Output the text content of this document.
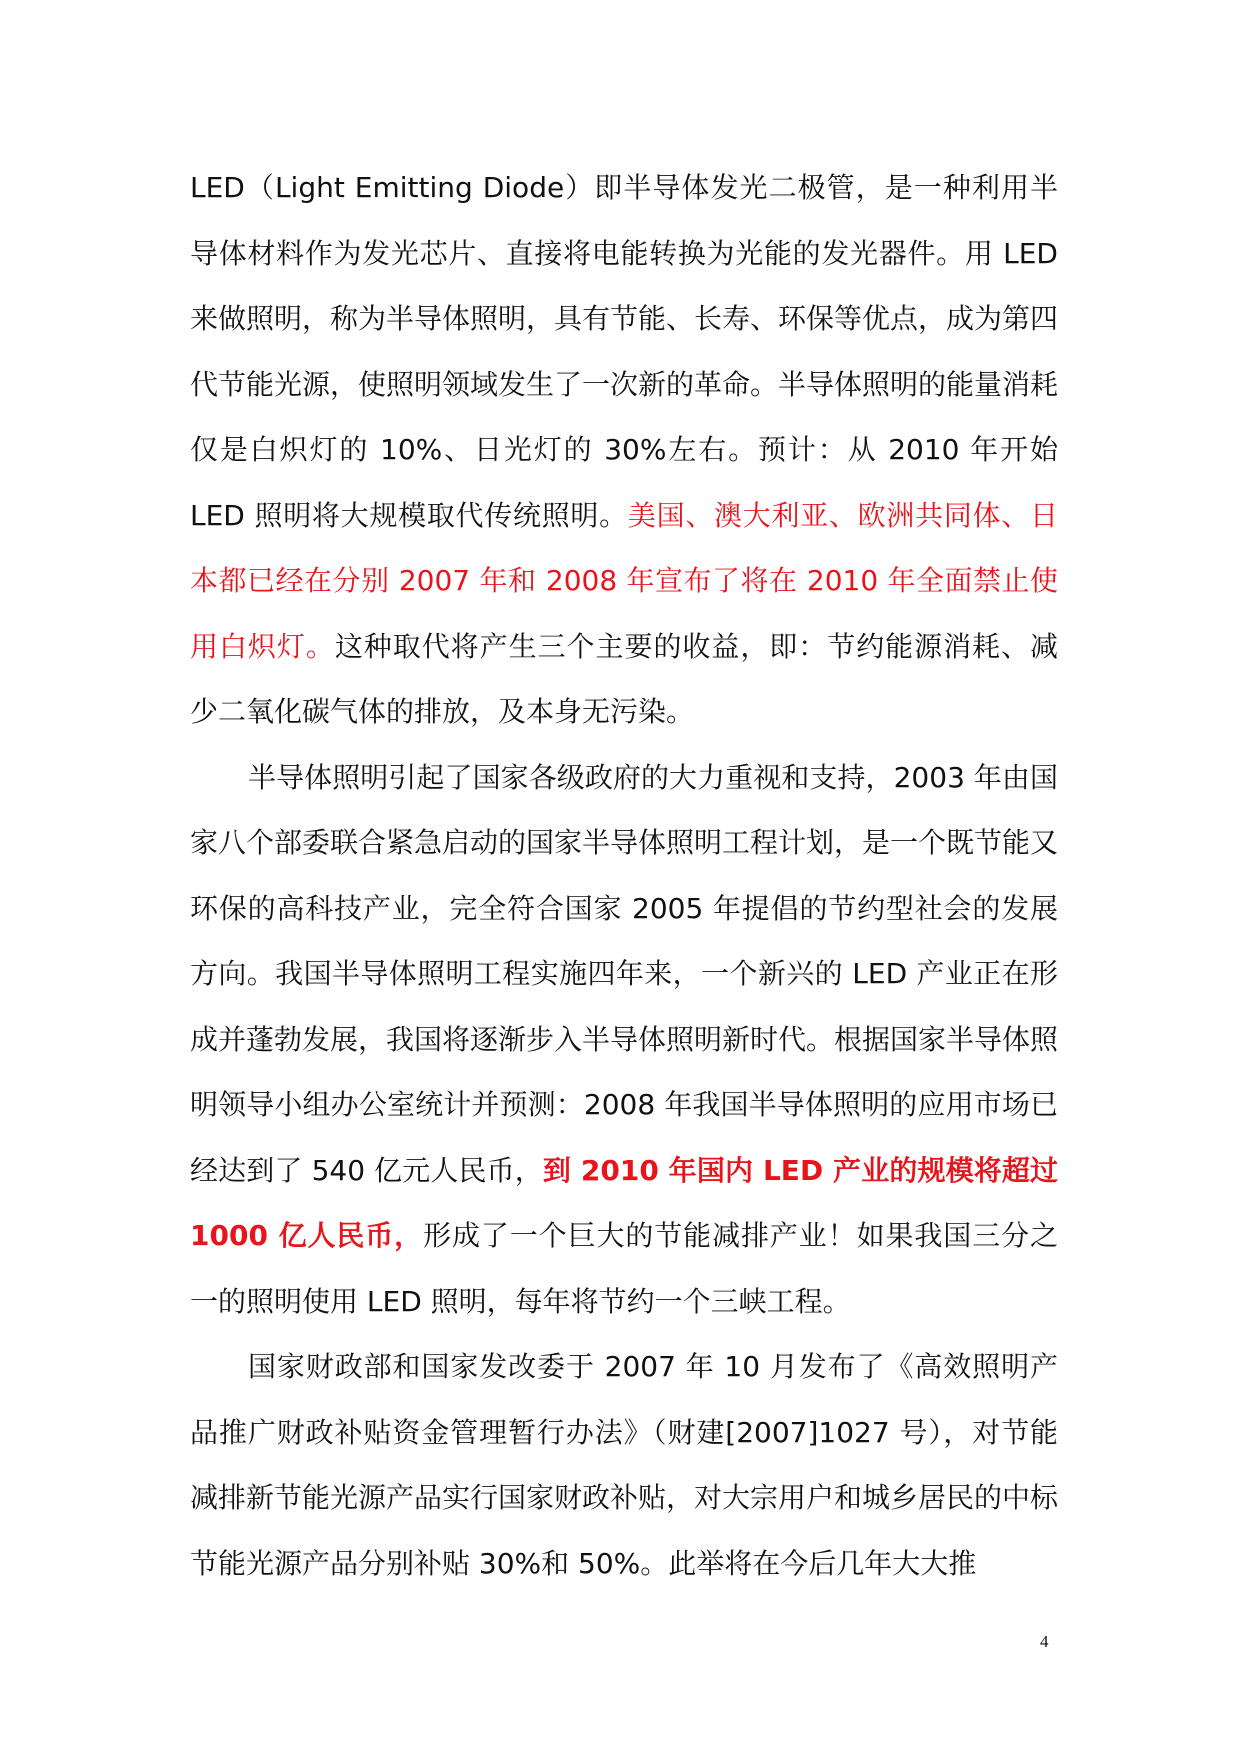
LED（Light Emitting Diode）即半导体发光二极管，是一种利用半导体材料作为发光芯片、直接将电能转换为光能的发光器件。用 LED 来做照明，称为半导体照明，具有节能、长寿、环保等优点，成为第四代节能光源，使照明领域发生了一次新的革命。半导体照明的能量消耗仅是白炽灯的 10%、日光灯的 30%左右。预计：从 2010 年开始 LED 照明将大规模取代传统照明。美国、澳大利亚、欧洲共同体、日本都已经在分别 2007 年和 2008 年宣布了将在 2010 年全面禁止使用白炽灯。这种取代将产生三个主要的收益，即：节约能源消耗、减少二氧化碳气体的排放，及本身无污染。

半导体照明引起了国家各级政府的大力重视和支持，2003 年由国家八个部委联合紧急启动的国家半导体照明工程计划，是一个既节能又环保的高科技产业，完全符合国家 2005 年提倡的节约型社会的发展方向。我国半导体照明工程实施四年来，一个新兴的 LED 产业正在形成并蓬勃发展，我国将逐渐步入半导体照明新时代。根据国家半导体照明领导小组办公室统计并预测：2008 年我国半导体照明的应用市场已经达到了 540 亿元人民币，到 2010 年国内 LED 产业的规模将超过 1000 亿人民币，形成了一个巨大的节能减排产业！如果我国三分之一的照明使用 LED 照明，每年将节约一个三峡工程。

国家财政部和国家发改委于 2007 年 10 月发布了《高效照明产品推广财政补贴资金管理暂行办法》（财建[2007]1027 号），对节能减排新节能光源产品实行国家财政补贴，对大宗用户和城乡居民的中标节能光源产品分别补贴 30%和 50%。此举将在今后几年大大推

4
